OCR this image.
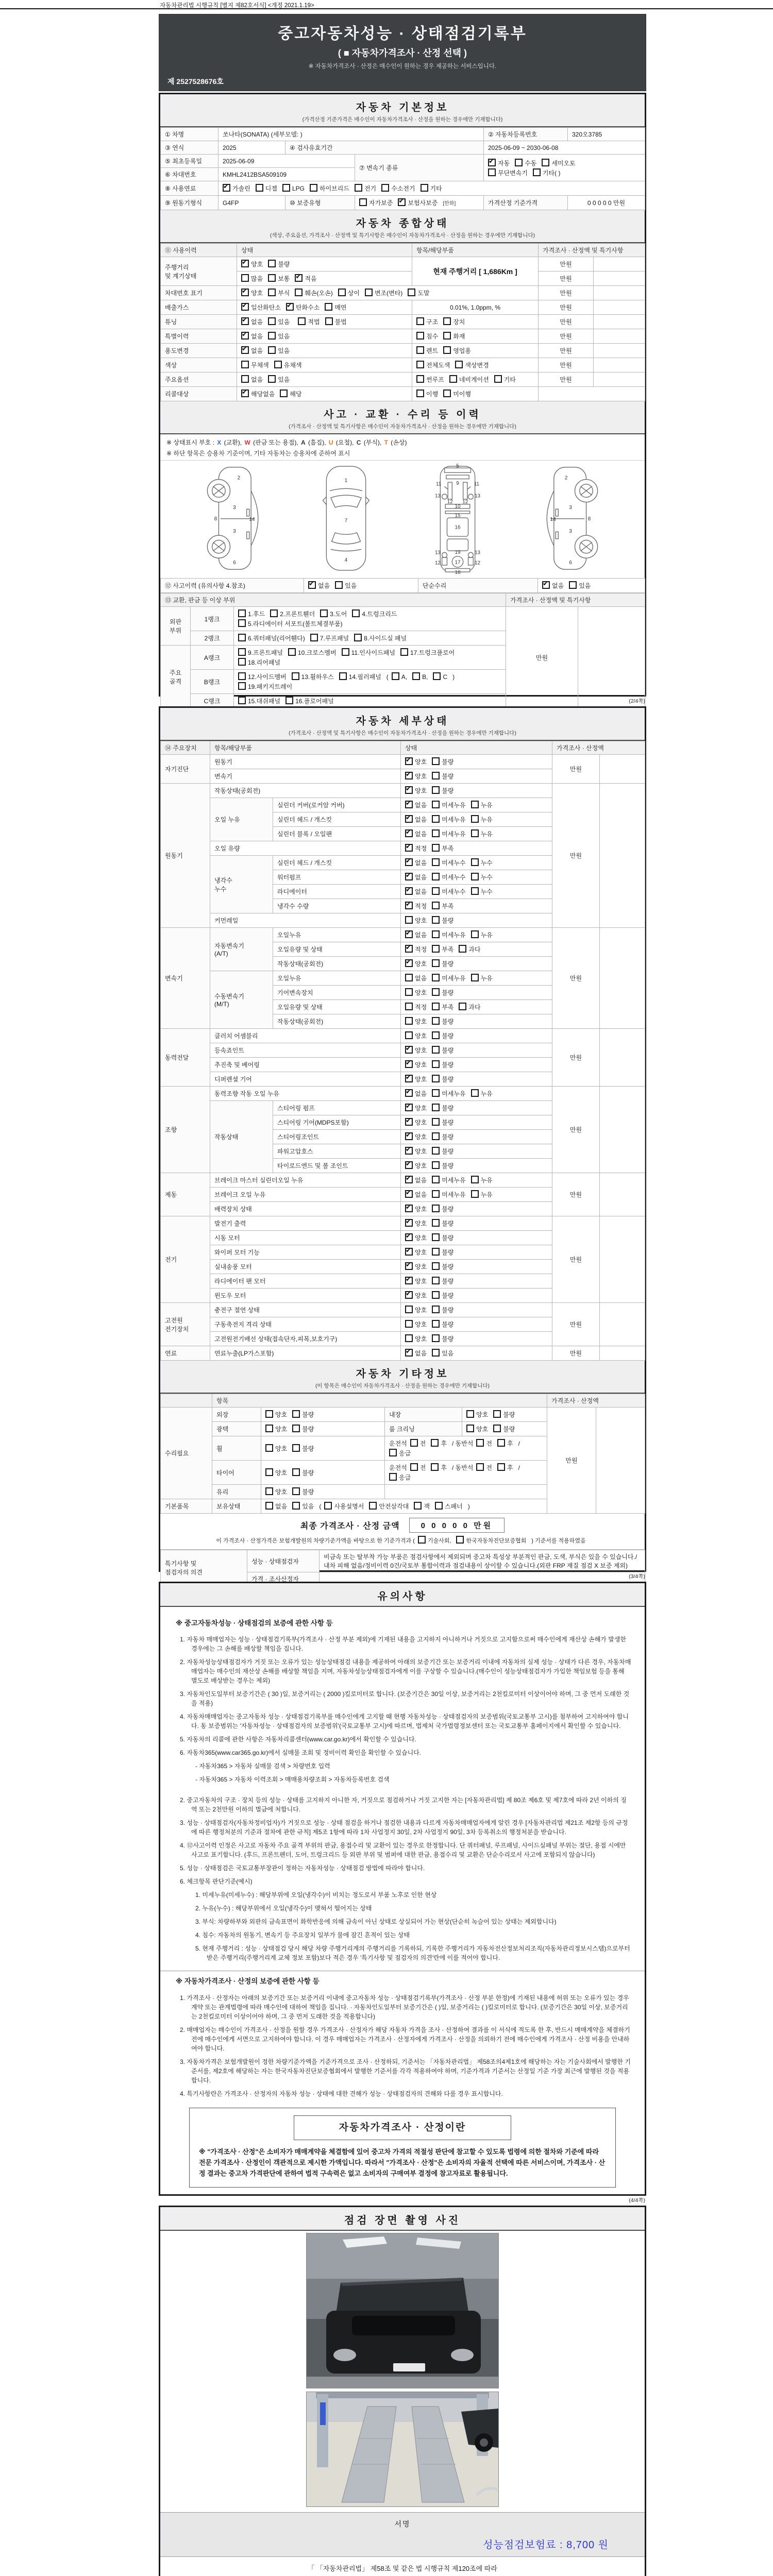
자동차관리법 시행규칙 [별지 제82호서식] <개정 2021.1.19>
중고자동차성능 · 상태점검기록부
( ■ 자동차가격조사 · 산정 선택 )
※ 자동차가격조사 · 산정은 매수인이 원하는 경우 제공하는 서비스입니다.
제 2527528676호
자동차 기본정보
(가격산정 기준가격은 매수인이 자동차가격조사 · 산정을 원하는 경우에만 기재합니다)
① 차명	쏘나타(SONATA) (세부모델: )			② 자동차등록번호	320오3785
③ 연식	2025	④ 검사유효기간		2025-06-09 ~ 2030-06-08	
⑤ 최초등록일	2025-06-09		⑦ 변속기 종류	✔자동 수동 세미오토
무단변속기 기타( )
⑥ 차대번호	KMHL2412BSA509109				
⑧ 사용연료	✔가솔린 디젤 LPG 하이브리드 전기 수소전기 기타
⑨ 원동기형식	G4FP	⑩ 보증유형	자가보증 ✔ 보험사보증 [한화]	가격산정 기준가격	0 0 0 0 0 만원
자동차 종합상태
(색상, 주요옵션, 가격조사 · 산정액 및 특기사항은 매수인이 자동차가격조사 · 산정을 원하는 경우에만 기재합니다)
⑪ 사용이력	상태	항목/해당부품	가격조사 · 산정액 및 특기사항	
주행거리
및 계기상태	✔양호 불량	현재 주행거리 [ 1,686Km ]	만원	
	많음 보통 ✔ 적음		만원	
차대번호 표기	✔양호 부식 훼손(오손) 상이 변조(변타) 도말		만원	
배출가스	✔일산화탄소 ✔ 탄화수소 매연	0.01%, 1.0ppm, %	만원	
튜닝	✔없음 있음 적법 불법	구조 장치	만원	
특별이력	✔없음 있음	침수 화재	만원	
용도변경	✔없음 있음	렌트 영업용	만원	
색상	무채색 유채색	전체도색 색상변경	만원	
주요옵션	없음 있음	썬루프 네비게이션 기타	만원	
리콜대상	✔해당없음 해당	이행 미이행		
사고 · 교환 · 수리 등 이력
(가격조사 · 산정액 및 특기사항은 매수인이 자동차가격조사 · 산정을 원하는 경우에만 기재합니다)
※ 상태표시 부호 : X (교환), W (판금 또는 용접), A (흠집), U (요철), C (부식), T (손상)
※ 하단 항목은 승용차 기준이며, 기타 자동차는 승용차에 준하여 표시
2
8
3
3
14
6
1
7
4
5
9
11	11
12 12
13	13
10
15
16
19
13	13
17
12	12
18
2
8
3
3
14
6
⑫ 사고이력 (유의사항 4.참조)	✔없음 있음	단순수리	✔없음 있음
⑬ 교환, 판금 등 이상 부위			가격조사 · 산정액 및 특기사항	
외판
부위	1랭크	1.후드 2.프론트휀더 3.도어 4.트렁크리드
5.라디에이터 서포트(볼트체결부품)	만원	
	2랭크	6.쿼터패널(리어휀다) 7.루프패널 8.사이드실 패널		
주요
골격	A랭크	9.프론트패널 10.크로스멤버 11.인사이드패널 17.트렁크플로어
18.리어패널		
	B랭크	12.사이드멤버 13.휠하우스 14.필러패널 ( A, B, C )
19.패키지트레이		
	C랭크	15.대쉬패널 16.플로어패널			(2/4쪽)
자동차 세부상태
(가격조사 · 산정액 및 특기사항은 매수인이 자동차가격조사 · 산정을 원하는 경우에만 기재합니다)
⑭ 주요장치	항목/해당부품		상태	가격조사 · 산정액	
자기진단	원동기	✔양호 불량	만원	
	변속기	✔양호 불량
원동기	작동상태(공회전)	✔양호 불량	만원	
	오일 누유	실린더 커버(로커암 커버)	✔없음 미세누유 누유
		실린더 헤드 / 개스킷	✔없음 미세누유 누유
		실린더 블록 / 오일팬	✔없음 미세누유 누유
	오일 유량	✔적정 부족
	냉각수
누수	실린더 헤드 / 개스킷	✔없음 미세누수 누수
		워터펌프	✔없음 미세누수 누수
		라디에이터	✔없음 미세누수 누수
		냉각수 수량	✔적정 부족
	커먼레일		양호 불량		
변속기	자동변속기
(A/T)	오일누유	✔없음 미세누유 누유	만원	
		오일유량 및 상태	✔적정 부족 과다
		작동상태(공회전)	✔양호 불량
	수동변속기
(M/T)	오일누유	없음 미세누유 누유		
		기어변속장치	양호 불량		
		오일유량 및 상태	적정 부족 과다		
		작동상태(공회전)	양호 불량		
동력전달	클러치 어셈블리		양호 불량	만원	
	등속죠인트	✔양호 불량
	추진축 및 베어링	✔양호 불량
	디퍼렌셜 기어	✔양호 불량
조향	동력조향 작동 오일 누유	✔없음 미세누유 누유	만원	
	작동상태	스티어링 펌프	✔양호 불량
		스티어링 기어(MDPS포함)	✔양호 불량
		스티어링조인트	✔양호 불량
		파워고압호스	✔양호 불량
		타이로드엔드 및 볼 조인트	✔양호 불량
제동	브레이크 마스터 실린더오일 누유	✔없음 미세누유 누유	만원	
	브레이크 오일 누유	✔없음 미세누유 누유
	배력장치 상태	✔양호 불량
전기	발전기 출력	✔양호 불량	만원	
	시동 모터	✔양호 불량
	와이퍼 모터 기능	✔양호 불량
	실내송풍 모터	✔양호 불량
	라디에이터 팬 모터	✔양호 불량
	윈도우 모터	✔양호 불량
고전원
전기장치	충전구 절연 상태		양호 불량	만원	
	구동축전지 격리 상태		양호 불량		
	고전원전기배선 상태(접속단자,피복,보호기구)		양호 불량		
연료	연료누출(LP가스포함)	✔없음 있음	만원	
자동차 기타정보
(이 항목은 매수인이 자동차가격조사 · 산정을 원하는 경우에만 기재합니다)
	항목				가격조사 · 산정액	
수리필요	외장	양호 불량	내장	양호 불량	만원	
	광택	양호 불량	룸 크리닝	양호 불량		
	휠	양호 불량	운전석 전 후 / 동반석 전 후 /응급			
	타이어	양호 불량	운전석 전 후 / 동반석 전 후 /응급			
	유리	양호 불량				
기본품목	보유상태	없음 있음 ( 사용설명서 안전삼각대 잭 스패너 )				
최종 가격조사 · 산정 금액	0 0 0 0 0 만원
이 가격조사 · 산정가격은 보험개발원의 차량기준가액을 바탕으로 한 기준가격과 ( 기술사회,	한국자동차진단보증협회 ) 기준서를 적용하였음
특기사항 및
점검자의 의견	성능 · 상태점검자	비금속 또는 탈부착 가능 부품은 점검사항에서 제외되며 중고차 특성상 부분적인 판금, 도색, 부식은 있을 수 있습니다./내차 피해 없음/정비이력 0건/국토부 통합이력과 점검내용이 상이할 수 있습니다.(외판 FRP 재질 점검 X 보증 제외)
	가격 · 조사산정자		(3/4쪽)
유의사항
※ 중고자동차성능 · 상태점검의 보증에 관한 사항 등
1. 자동차 매매업자는 성능 · 상태점검기록부(가격조사 · 산정 부분 제외)에 기재된 내용을 고지하지 아니하거나 거짓으로 고지함으로써 매수인에게 재산상 손해가 발생한 경우에는 그 손해를 배상할 책임을 집니다.
2. 자동차성능상태점검자가 거짓 또는 오류가 있는 성능상태점검 내용을 제공하여 아래의 보증기간 또는 보증거리 이내에 자동차의 실제 성능 · 상태가 다른 경우, 자동차매매업자는 매수인의 재산상 손해를 배상할 책임을 지며, 자동차성능상태점검자에게 이를 구상할 수 있습니다.(매수인이 성능상태점검자가 가입한 책임보험 등을 통해 별도로 배상받는 경우는 제외)
3. 자동차인도일부터 보증기간은 ( 30 )일, 보증거리는 ( 2000 )킬로미터로 합니다. (보증기간은 30일 이상, 보증거리는 2천킬로미터 이상이어야 하며, 그 중 먼저 도래한 것을 적용)
4. 자동차매매업자는 중고자동차 성능 · 상태점검기록부를 매수인에게 고지할 때 현행 자동차성능 · 상태점검자의 보증범위(국토교통부 고시)를 첨부하여 고지하여야 합니다. 동 보증범위는 '자동차성능 · 상태점검자의 보증범위'(국토교통부 고시)에 따르며, 법제처 국가법령정보센터 또는 국토교통부 홈페이지에서 확인할 수 있습니다.
5. 자동차의 리콜에 관한 사항은 자동차리콜센터(www.car.go.kr)에서 확인할 수 있습니다.
6. 자동차365(www.car365.go.kr)에서 실매물 조회 및 정비이력 확인을 확인할 수 있습니다.
- 자동차365 > 자동차 실매물 검색 > 차량번호 입력
- 자동차365 > 자동차 이력조회 > 매매용차량조회 > 자동차등록번호 검색
2. 중고자동차의 구조 · 장치 등의 성능 · 상태를 고지하지 아니한 자, 거짓으로 점검하거나 거짓 고지한 자는 [자동차관리법] 제 80조 제6호 및 제7호에 따라 2년 이하의 징역 또는 2천만원 이하의 벌금에 처합니다.
3. 성능 · 상태점검자(자동차정비업자)가 거짓으로 성능 · 상태 점검을 하거나 점검한 내용과 다르게 자동차매매업자에게 알린 경우 [자동차관리법 제21조 제2항 등의 규정에 따른 행정처분의 기준과 절차에 관한 규칙] 제5조 1항에 따라 1차 사업정지 30일, 2차 사업정지 90일, 3차 등록취소의 행정처분을 받습니다.
4. ⑫사고이력 인정은 사고로 자동차 주요 골격 부위의 판금, 용접수리 및 교환이 있는 경우로 한정합니다. 단 쿼터패널, 루프패널, 사이드실패널 부위는 절단, 용접 시에만 사고로 표기합니다. (후드, 프론트펜더, 도어, 트렁크리드 등 외판 부위 및 범퍼에 대한 판금, 용접수리 및 교환은 단순수리로서 사고에 포함되지 않습니다)
5. 성능 · 상태점검은 국토교통부장관이 정하는 자동차성능 · 상태점검 방법에 따라야 합니다.
6. 체크항목 판단기준(예시)
1. 미세누유(미세누수) : 해당부위에 오일(냉각수)이 비치는 정도로서 부품 노후로 인한 현상
2. 누유(누수) : 해당부위에서 오일(냉각수)이 맺혀서 떨어지는 상태
3. 부식: 차량하부와 외판의 금속표면이 화학반응에 의해 금속이 아닌 상태로 상실되어 가는 현상(단순히 녹슬어 있는 상태는 제외합니다)
4. 침수: 자동차의 원동기, 변속기 등 주요장치 일부가 물에 잠긴 흔적이 있는 상태
5. 현재 주행거리 : 성능 · 상태점검 당시 해당 차량 주행거리계의 주행거리를 기록하되, 기록한 주행거리가 자동차전산정보처리조직(자동차관리정보시스템)으로부터 받은 주행거리(주행거리계 교체 정보 포함)보다 적은 경우 '특기사항 및 점검자의 의견'란에 이를 적어야 합니다.
※ 자동차가격조사 · 산정의 보증에 관한 사항 등
1. 가격조사 · 산정자는 아래의 보증기간 또는 보증거리 이내에 중고자동차 성능 · 상태점검기록부(가격조사 · 산정 부분 한정)에 기재된 내용에 허위 또는 오류가 있는 경우 계약 또는 관계법령에 따라 매수인에 대하여 책임을 집니다. · 자동차인도일부터 보증기간은 ( )일, 보증거리는 ( )킬로미터로 합니다. (보증기간은 30일 이상, 보증거리는 2천킬로미터 이상이어야 하며, 그 중 먼저 도래한 것을 적용합니다)
2. 매매업자는 매수인이 가격조사 · 산정을 원할 경우 가격조사 · 산정자가 해당 자동차 가격을 조사 · 산정하여 결과를 이 서식에 적도록 한 후, 반드시 매매계약을 체결하기 전에 매수인에게 서면으로 고지하여야 합니다. 이 경우 매매업자는 가격조사 · 산정자에게 가격조사 · 산정을 의뢰하기 전에 매수인에게 가격조사 · 산정 비용을 안내하여야 합니다.
3. 자동차가격은 보험개발원이 정한 차량기준가액을 기준가격으로 조사 · 산정하되, 기준서는 「자동차관리법」 제58조의4제1호에 해당하는 자는 기술사회에서 발행한 기준서를, 제2호에 해당하는 자는 한국자동차진단보증협회에서 발행한 기준서를 각각 적용하여야 하며, 기준가격과 기준서는 산정일 기준 가장 최근에 발행된 것을 적용합니다.
4. 특기사항란은 가격조사 · 산정자의 자동차 성능 · 상태에 대한 견해가 성능 · 상태점검자의 견해와 다를 경우 표시합니다.
자동차가격조사 · 산정이란
※ "가격조사 · 산정"은 소비자가 매매계약을 체결함에 있어 중고차 가격의 적절성 판단에 참고할 수 있도록 법령에 의한 절차와 기준에 따라 전문 가격조사 · 산정인이 객관적으로 제시한 가액입니다. 따라서 "가격조사 · 산정"은 소비자의 자율적 선택에 따른 서비스이며, 가격조사 · 산정 결과는 중고차 가격판단에 관하여 법적 구속력은 없고 소비자의 구매여부 결정에 참고자료로 활용됩니다.
(4/4쪽)
점검 장면 촬영 사진
서명
성능점검보험료 : 8,700 원
「 「자동차관리법」 제58조 및 같은 법 시행규칙 제120조에 따라
